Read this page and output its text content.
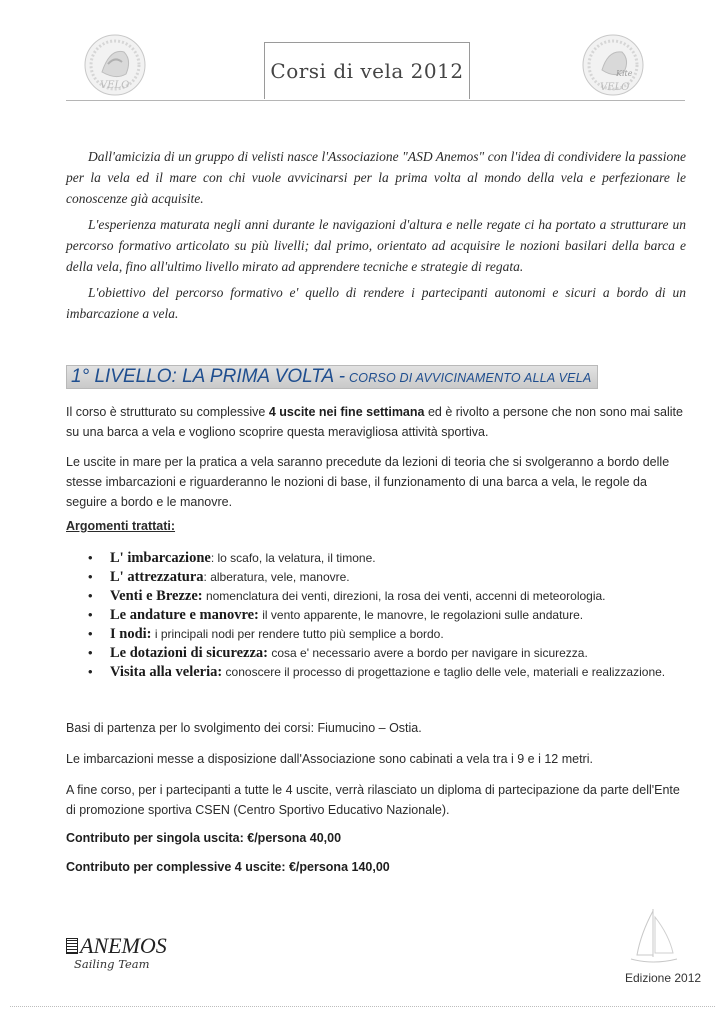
VELO
Corsi di vela 2012	Kite
VELO

Dall'amicizia di un gruppo di velisti nasce l'Associazione "ASD Anemos" con l'idea di condividere la passione per la vela ed il mare con chi vuole avvicinarsi per la prima volta al mondo della vela e perfezionare le conoscenze già acquisite.

L'esperienza maturata negli anni durante le navigazioni d'altura e nelle regate ci ha portato a strutturare un percorso formativo articolato su più livelli; dal primo, orientato ad acquisire le nozioni basilari della barca e della vela, fino all'ultimo livello mirato ad apprendere tecniche e strategie di regata.

L'obiettivo del percorso formativo e' quello di rendere i partecipanti autonomi e sicuri a bordo di un imbarcazione a vela.

1° LIVELLO: LA PRIMA VOLTA - CORSO DI AVVICINAMENTO ALLA VELA

Il corso è strutturato su complessive 4 uscite nei fine settimana ed è rivolto a persone che non sono mai salite su una barca a vela e vogliono scoprire questa meravigliosa attività sportiva.

Le uscite in mare per la pratica a vela saranno precedute da lezioni di teoria che si svolgeranno a bordo delle stesse imbarcazioni e riguarderanno le nozioni di base, il funzionamento di una barca a vela, le regole da seguire a bordo e le manovre.

Argomenti trattati:

• L' imbarcazione: lo scafo, la velatura, il timone.
• L' attrezzatura: alberatura, vele, manovre.
• Venti e Brezze: nomenclatura dei venti, direzioni, la rosa dei venti, accenni di meteorologia.
• Le andature e manovre: il vento apparente, le manovre, le regolazioni sulle andature.
• I nodi: i principali nodi per rendere tutto più semplice a bordo.
• Le dotazioni di sicurezza: cosa e' necessario avere a bordo per navigare in sicurezza.
• Visita alla veleria: conoscere il processo di progettazione e taglio delle vele, materiali e realizzazione.

Basi di partenza per lo svolgimento dei corsi: Fiumucino – Ostia.

Le imbarcazioni messe a disposizione dall'Associazione sono cabinati a vela tra i 9 e i 12 metri.

A fine corso, per i partecipanti a tutte le 4 uscite, verrà rilasciato un diploma di partecipazione da parte dell'Ente di promozione sportiva CSEN (Centro Sportivo Educativo Nazionale).

Contributo per singola uscita: €/persona 40,00

Contributo per complessive 4 uscite: €/persona 140,00

ANEMOS
Sailing Team
Edizione 2012
